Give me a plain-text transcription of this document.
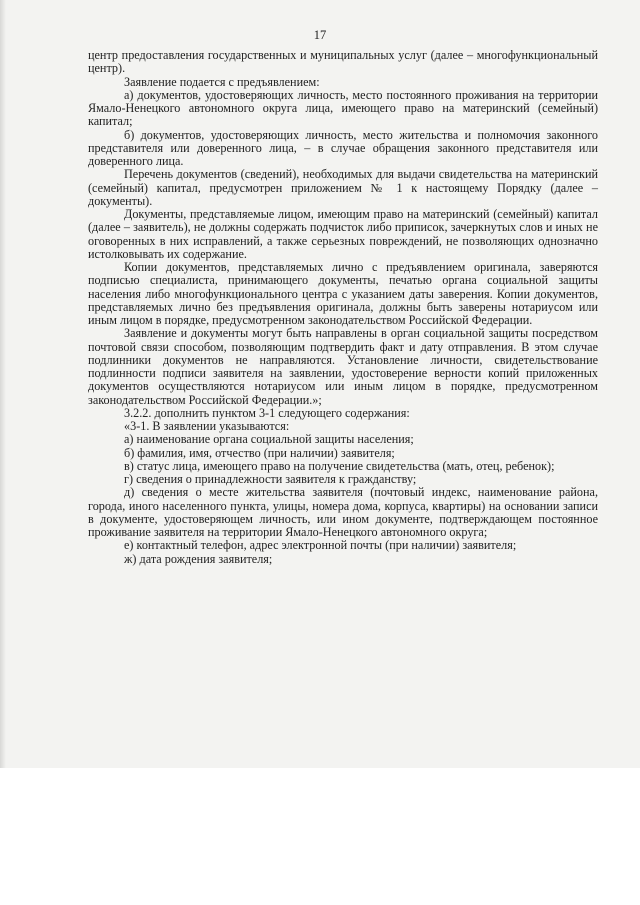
17

центр предоставления государственных и муниципальных услуг (далее – многофункциональный центр).

Заявление подается с предъявлением:

а) документов, удостоверяющих личность, место постоянного проживания на территории Ямало-Ненецкого автономного округа лица, имеющего право на материнский (семейный) капитал;

б) документов, удостоверяющих личность, место жительства и полномочия законного представителя или доверенного лица, – в случае обращения законного представителя или доверенного лица.

Перечень документов (сведений), необходимых для выдачи свидетельства на материнский (семейный) капитал, предусмотрен приложением № 1 к настоящему Порядку (далее – документы).

Документы, представляемые лицом, имеющим право на материнский (семейный) капитал (далее – заявитель), не должны содержать подчисток либо приписок, зачеркнутых слов и иных не оговоренных в них исправлений, а также серьезных повреждений, не позволяющих однозначно истолковывать их содержание.

Копии документов, представляемых лично с предъявлением оригинала, заверяются подписью специалиста, принимающего документы, печатью органа социальной защиты населения либо многофункционального центра с указанием даты заверения. Копии документов, представляемых лично без предъявления оригинала, должны быть заверены нотариусом или иным лицом в порядке, предусмотренном законодательством Российской Федерации.

Заявление и документы могут быть направлены в орган социальной защиты посредством почтовой связи способом, позволяющим подтвердить факт и дату отправления. В этом случае подлинники документов не направляются. Установление личности, свидетельствование подлинности подписи заявителя на заявлении, удостоверение верности копий приложенных документов осуществляются нотариусом или иным лицом в порядке, предусмотренном законодательством Российской Федерации.»;

3.2.2. дополнить пунктом 3-1 следующего содержания:

«3-1. В заявлении указываются:

а) наименование органа социальной защиты населения;

б) фамилия, имя, отчество (при наличии) заявителя;

в) статус лица, имеющего право на получение свидетельства (мать, отец, ребенок);

г) сведения о принадлежности заявителя к гражданству;

д) сведения о месте жительства заявителя (почтовый индекс, наименование района, города, иного населенного пункта, улицы, номера дома, корпуса, квартиры) на основании записи в документе, удостоверяющем личность, или ином документе, подтверждающем постоянное проживание заявителя на территории Ямало-Ненецкого автономного округа;

е) контактный телефон, адрес электронной почты (при наличии) заявителя;

ж) дата рождения заявителя;
